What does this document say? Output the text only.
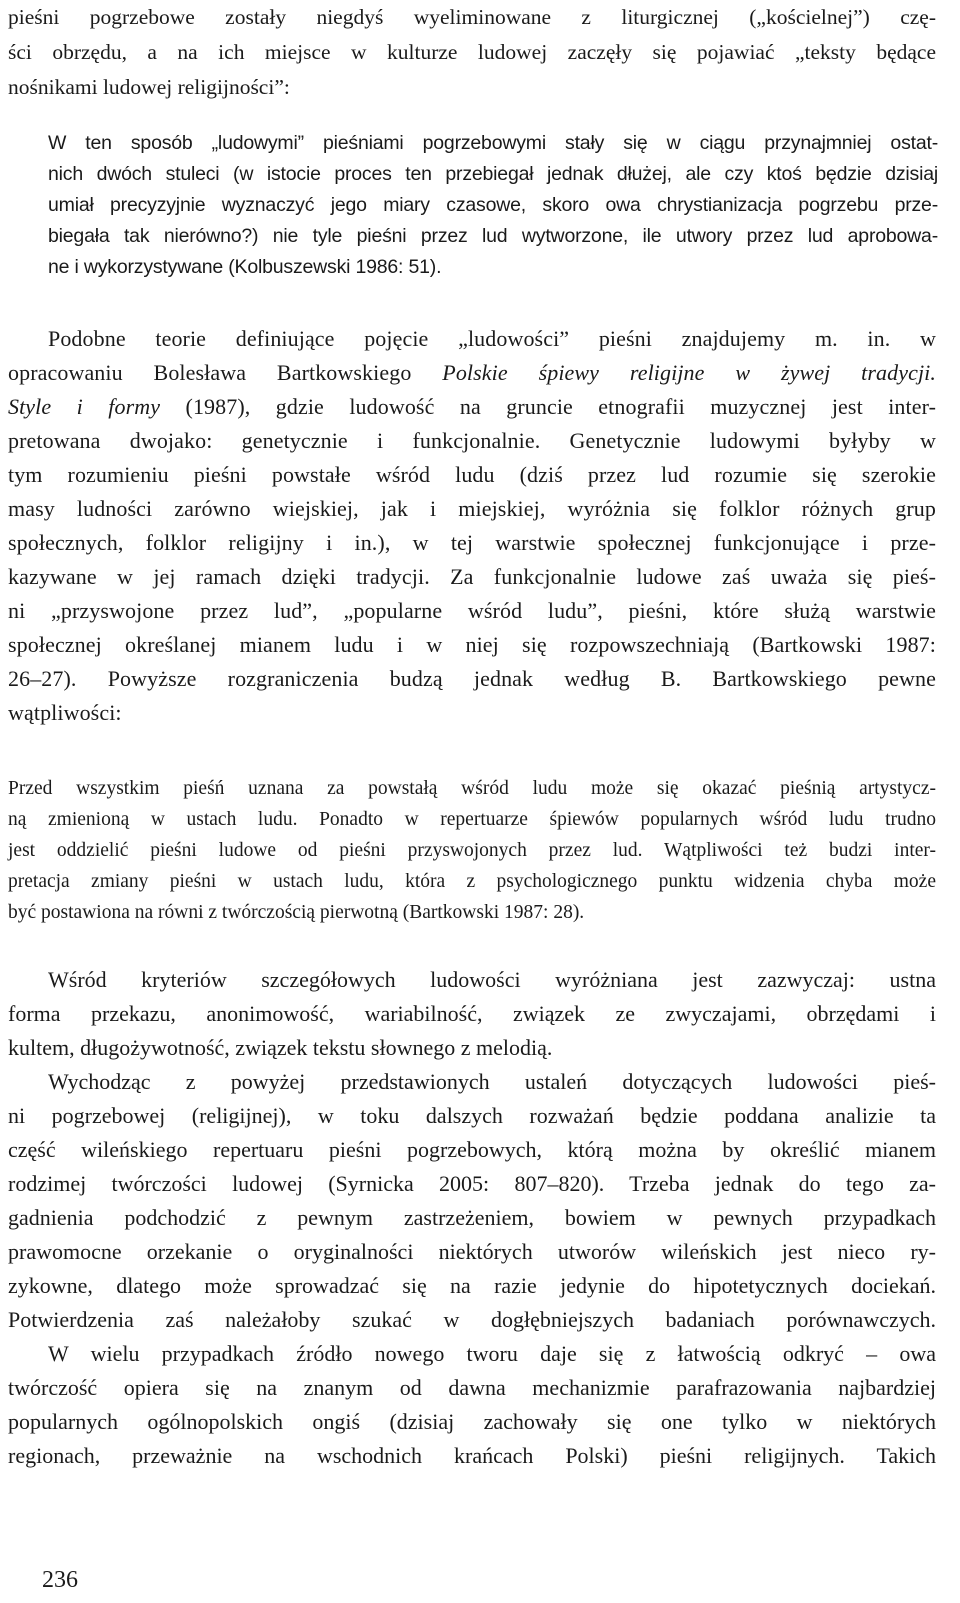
pieśni pogrzebowe zostały niegdyś wyeliminowane z liturgicznej („kościelnej”) czę-
ści obrzędu, a na ich miejsce w kulturze ludowej zaczęły się pojawiać „teksty będące
nośnikami ludowej religijności”:
W ten sposób „ludowymi” pieśniami pogrzebowymi stały się w ciągu przynajmniej ostat-
nich dwóch stuleci (w istocie proces ten przebiegał jednak dłużej, ale czy ktoś będzie dzisiaj
umiał precyzyjnie wyznaczyć jego miary czasowe, skoro owa chrystianizacja pogrzebu prze-
biegała tak nierówno?) nie tyle pieśni przez lud wytworzone, ile utwory przez lud aprobowa-
ne i wykorzystywane (Kolbuszewski 1986: 51).
Podobne teorie definiujące pojęcie „ludowości” pieśni znajdujemy m. in. w
opracowaniu Bolesława Bartkowskiego Polskie śpiewy religijne w żywej tradycji.
Style i formy (1987), gdzie ludowość na gruncie etnografii muzycznej jest inter-
pretowana dwojako: genetycznie i funkcjonalnie. Genetycznie ludowymi byłyby w
tym rozumieniu pieśni powstałe wśród ludu (dziś przez lud rozumie się szerokie
masy ludności zarówno wiejskiej, jak i miejskiej, wyróżnia się folklor różnych grup
społecznych, folklor religijny i in.), w tej warstwie społecznej funkcjonujące i prze-
kazywane w jej ramach dzięki tradycji. Za funkcjonalnie ludowe zaś uważa się pieś-
ni „przyswojone przez lud”, „popularne wśród ludu”, pieśni, które służą warstwie
społecznej określanej mianem ludu i w niej się rozpowszechniają (Bartkowski 1987:
26–27). Powyższe rozgraniczenia budzą jednak według B. Bartkowskiego pewne
wątpliwości:
Przed wszystkim pieśń uznana za powstałą wśród ludu może się okazać pieśnią artystycz-
ną zmienioną w ustach ludu. Ponadto w repertuarze śpiewów popularnych wśród ludu trudno
jest oddzielić pieśni ludowe od pieśni przyswojonych przez lud. Wątpliwości też budzi inter-
pretacja zmiany pieśni w ustach ludu, która z psychologicznego punktu widzenia chyba może
być postawiona na równi z twórczością pierwotną (Bartkowski 1987: 28).
Wśród kryteriów szczegółowych ludowości wyróżniana jest zazwyczaj: ustna
forma przekazu, anonimowość, wariabilność, związek ze zwyczajami, obrzędami i
kultem, długożywotność, związek tekstu słownego z melodią.
Wychodząc z powyżej przedstawionych ustaleń dotyczących ludowości pieś-
ni pogrzebowej (religijnej), w toku dalszych rozważań będzie poddana analizie ta
część wileńskiego repertuaru pieśni pogrzebowych, którą można by określić mianem
rodzimej twórczości ludowej (Syrnicka 2005: 807–820). Trzeba jednak do tego za-
gadnienia podchodzić z pewnym zastrzeżeniem, bowiem w pewnych przypadkach
prawomocne orzekanie o oryginalności niektórych utworów wileńskich jest nieco ry-
zykowne, dlatego może sprowadzać się na razie jedynie do hipotetycznych dociekań.
Potwierdzenia zaś należałoby szukać w dogłębniejszych badaniach porównawczych.
W wielu przypadkach źródło nowego tworu daje się z łatwością odkryć – owa
twórczość opiera się na znanym od dawna mechanizmie parafrazowania najbardziej
popularnych ogólnopolskich ongiś (dzisiaj zachowały się one tylko w niektórych
regionach, przeważnie na wschodnich krańcach Polski) pieśni religijnych. Takich
236
